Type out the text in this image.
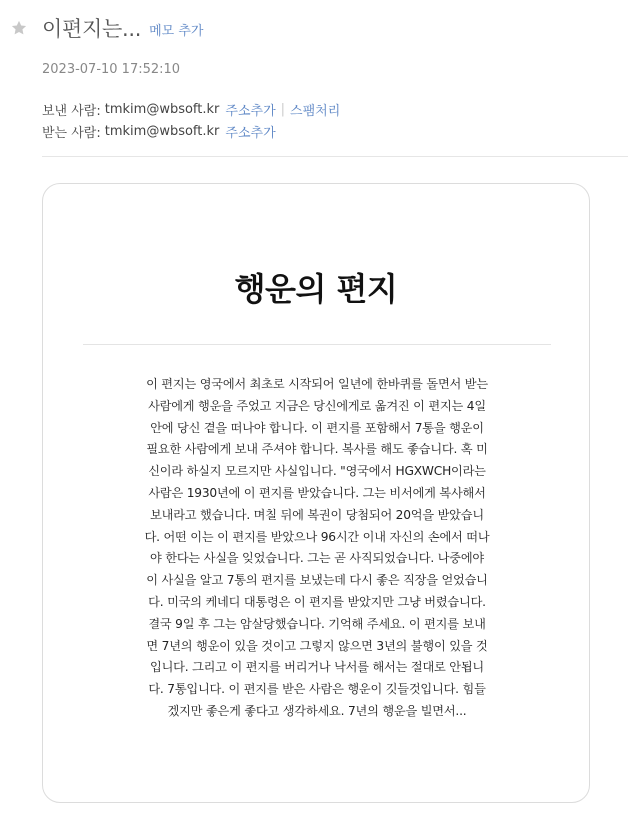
이편지는... 메모 추가
2023-07-10 17:52:10
보낸 사람: tmkim@wbsoft.kr 주소추가 | 스팸처리
받는 사람: tmkim@wbsoft.kr 주소추가
행운의 편지
이 편지는 영국에서 최초로 시작되어 일년에 한바퀴를 돌면서 받는 사람에게 행운을 주었고 지금은 당신에게로 옮겨진 이 편지는 4일 안에 당신 곁을 떠나야 합니다. 이 편지를 포함해서 7통을 행운이 필요한 사람에게 보내 주셔야 합니다. 복사를 해도 좋습니다. 혹 미신이라 하실지 모르지만 사실입니다. "영국에서 HGXWCH이라는 사람은 1930년에 이 편지를 받았습니다. 그는 비서에게 복사해서 보내라고 했습니다. 며칠 뒤에 복권이 당첨되어 20억을 받았습니다. 어떤 이는 이 편지를 받았으나 96시간 이내 자신의 손에서 떠나야 한다는 사실을 잊었습니다. 그는 곧 사직되었습니다. 나중에야 이 사실을 알고 7통의 편지를 보냈는데 다시 좋은 직장을 얻었습니다. 미국의 케네디 대통령은 이 편지를 받았지만 그냥 버렸습니다. 결국 9일 후 그는 암살당했습니다. 기억해 주세요. 이 편지를 보내면 7년의 행운이 있을 것이고 그렇지 않으면 3년의 불행이 있을 것입니다. 그리고 이 편지를 버리거나 낙서를 해서는 절대로 안됩니다. 7통입니다. 이 편지를 받은 사람은 행운이 깃들것입니다. 힘들겠지만 좋은게 좋다고 생각하세요. 7년의 행운을 빌면서...
